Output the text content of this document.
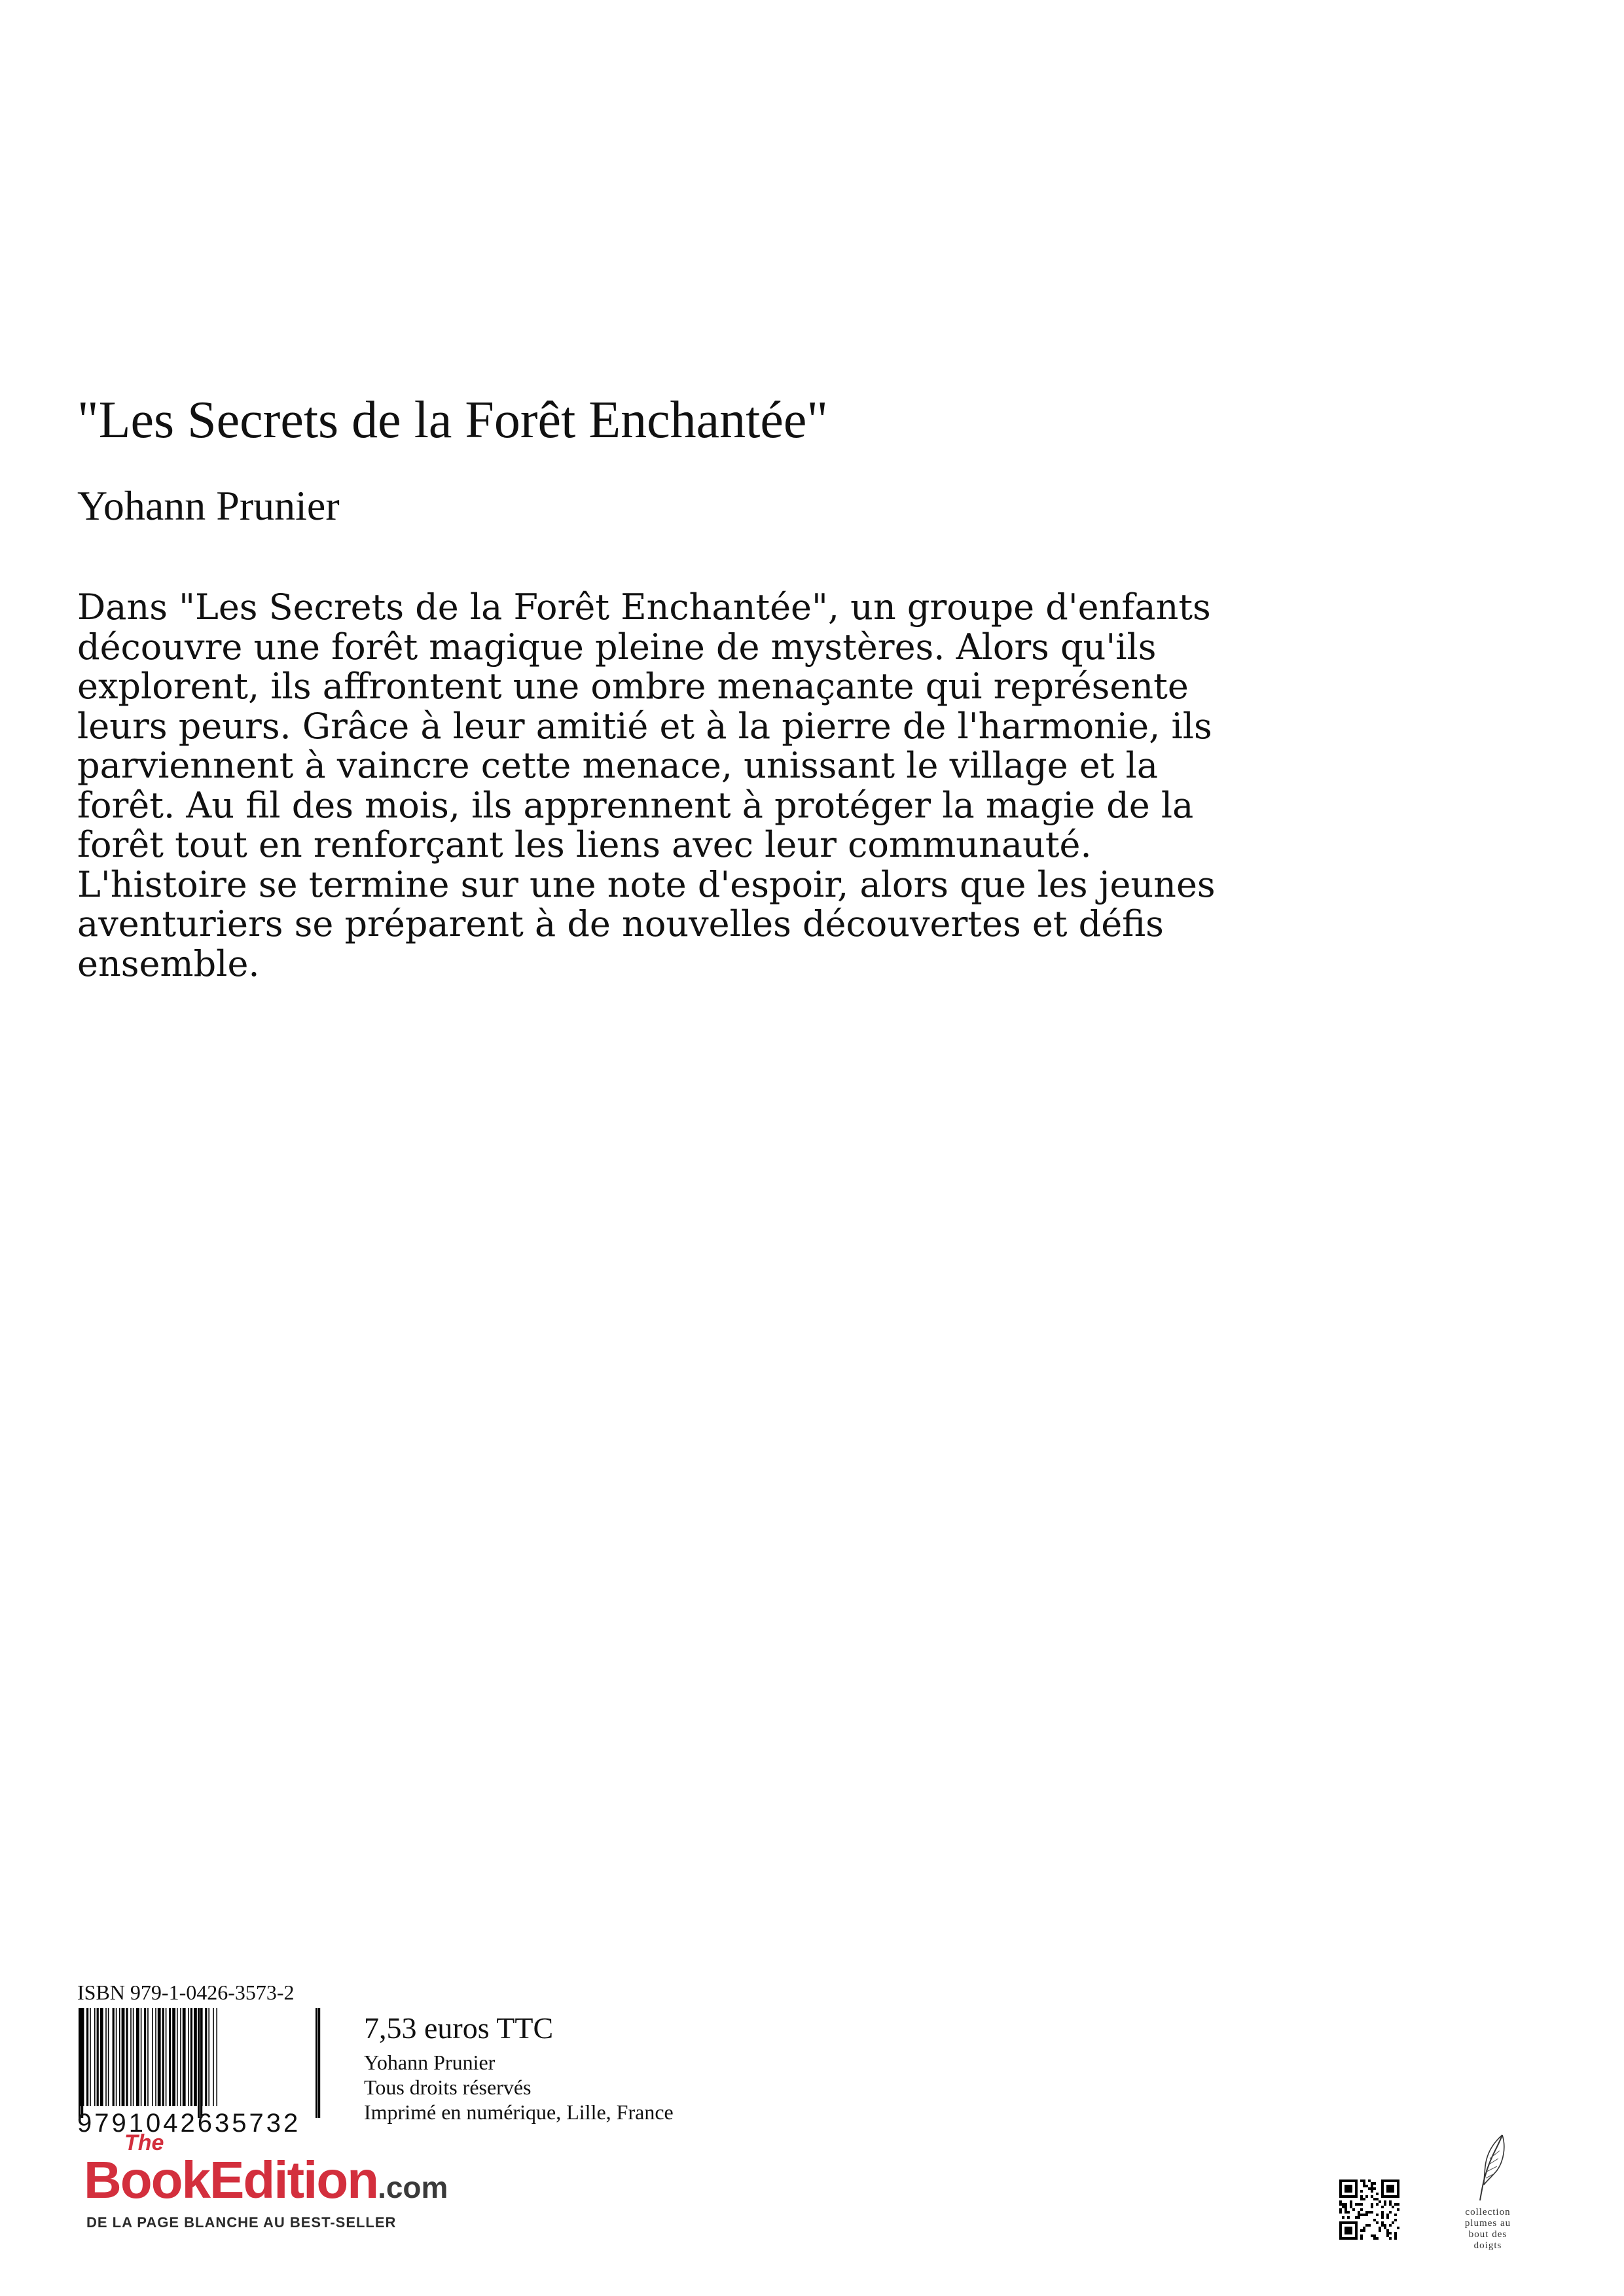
"Les Secrets de la Forêt Enchantée"
Yohann Prunier

Dans "Les Secrets de la Forêt Enchantée", un groupe d'enfants découvre une forêt magique pleine de mystères. Alors qu'ils explorent, ils affrontent une ombre menaçante qui représente leurs peurs. Grâce à leur amitié et à la pierre de l'harmonie, ils parviennent à vaincre cette menace, unissant le village et la forêt. Au fil des mois, ils apprennent à protéger la magie de la forêt tout en renforçant les liens avec leur communauté. L'histoire se termine sur une note d'espoir, alors que les jeunes aventuriers se préparent à de nouvelles découvertes et défis ensemble.

ISBN 979-1-0426-3573-2
9791042635732
7,53 euros TTC
Yohann Prunier
Tous droits réservés
Imprimé en numérique, Lille, France
The
BookEdition.com
DE LA PAGE BLANCHE AU BEST-SELLER
collection
plumes au
bout des
doigts
